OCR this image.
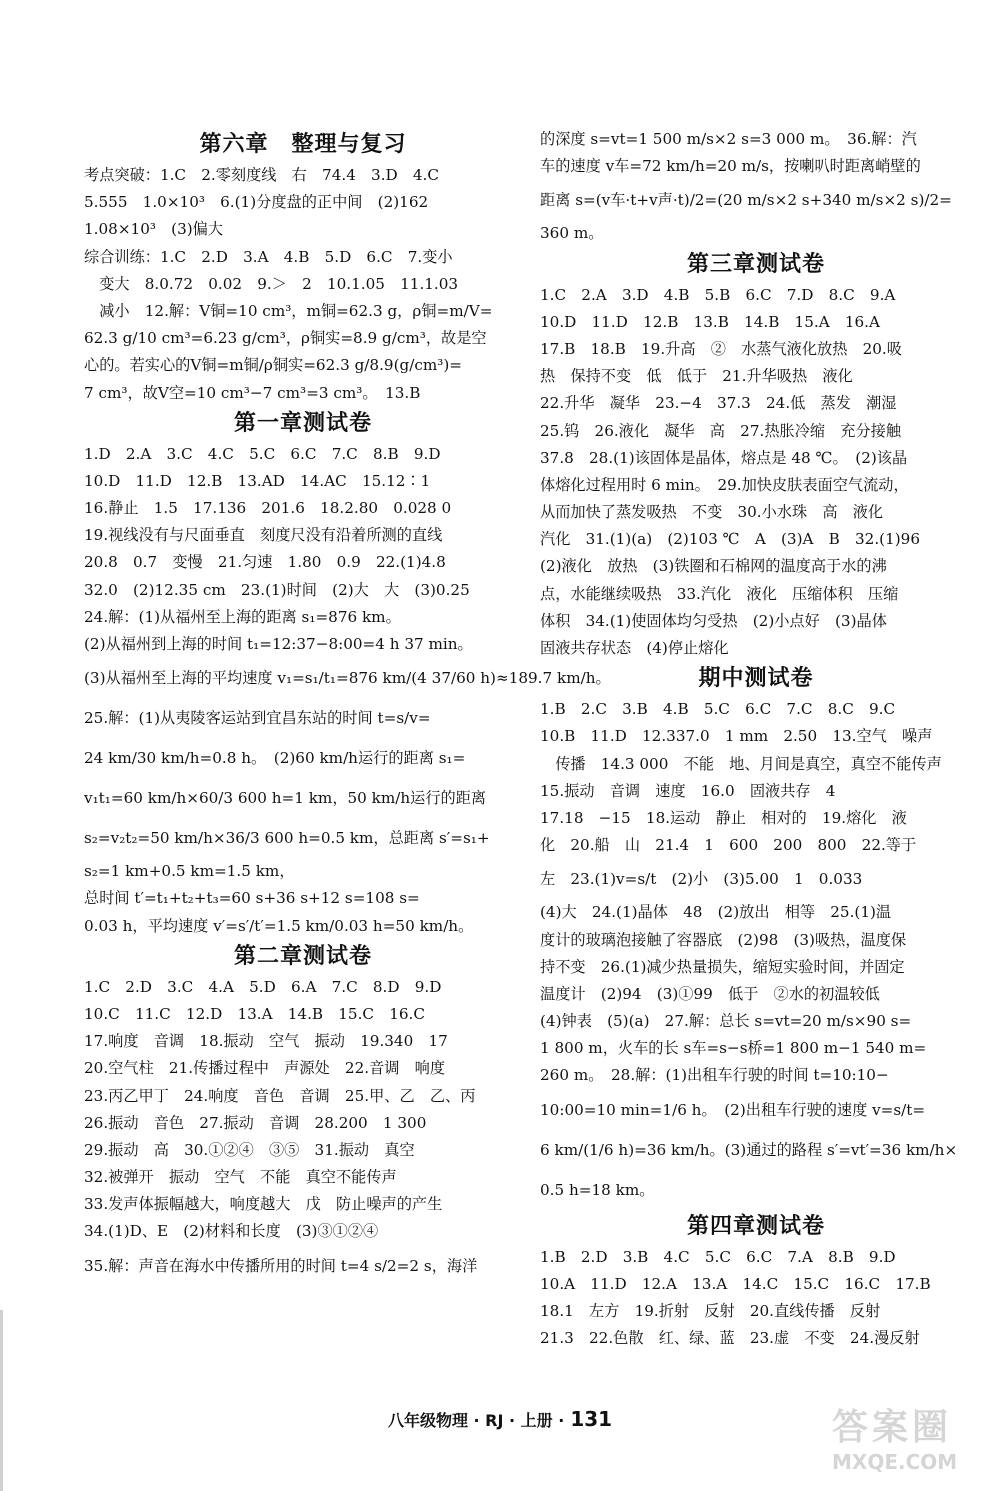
第六章　整理与复习
考点突破：1.C　2.零刻度线　右　74.4　3.D　4.C
5.555　1.0×10³　6.(1)分度盘的正中间　(2)162
1.08×10³　(3)偏大
综合训练：1.C　2.D　3.A　4.B　5.D　6.C　7.变小
　变大　8.0.72　0.02　9.＞　2　10.1.05　11.1.03
　减小　12.解：V铜=10 cm³，m铜=62.3 g，ρ铜=m/V=
62.3 g/10 cm³=6.23 g/cm³，ρ铜实=8.9 g/cm³，故是空
心的。若实心的V铜=m铜/ρ铜实=62.3 g/8.9(g/cm³)=
7 cm³，故V空=10 cm³−7 cm³=3 cm³。　13.B
第一章测试卷
1.D　2.A　3.C　4.C　5.C　6.C　7.C　8.B　9.D
10.D　11.D　12.B　13.AD　14.AC　15.12∶1
16.静止　1.5　17.136　201.6　18.2.80　0.028 0
19.视线没有与尺面垂直　刻度尺没有沿着所测的直线
20.8　0.7　变慢　21.匀速　1.80　0.9　22.(1)4.8
32.0　(2)12.35 cm　23.(1)时间　(2)大　大　(3)0.25
24.解：(1)从福州至上海的距离 s₁=876 km。
(2)从福州到上海的时间 t₁=12:37−8:00=4 h 37 min。
(3)从福州至上海的平均速度 v₁=s₁/t₁=876 km/(4 37/60 h)≈189.7 km/h。
25.解：(1)从夷陵客运站到宜昌东站的时间 t=s/v=
24 km/30 km/h=0.8 h。　(2)60 km/h运行的距离 s₁=
v₁t₁=60 km/h×60/3 600 h=1 km，50 km/h运行的距离
s₂=v₂t₂=50 km/h×36/3 600 h=0.5 km，总距离 s′=s₁+
s₂=1 km+0.5 km=1.5 km，
总时间 t′=t₁+t₂+t₃=60 s+36 s+12 s=108 s=
0.03 h，平均速度 v′=s′/t′=1.5 km/0.03 h=50 km/h。
第二章测试卷
1.C　2.D　3.C　4.A　5.D　6.A　7.C　8.D　9.D
10.C　11.C　12.D　13.A　14.B　15.C　16.C
17.响度　音调　18.振动　空气　振动　19.340　17
20.空气柱　21.传播过程中　声源处　22.音调　响度
23.丙乙甲丁　24.响度　音色　音调　25.甲、乙　乙、丙
26.振动　音色　27.振动　音调　28.200　1 300
29.振动　高　30.①②④　③⑤　31.振动　真空
32.被弹开　振动　空气　不能　真空不能传声
33.发声体振幅越大，响度越大　戊　防止噪声的产生
34.(1)D、E　(2)材料和长度　(3)③①②④
35.解：声音在海水中传播所用的时间 t=4 s/2=2 s，海洋
的深度 s=vt=1 500 m/s×2 s=3 000 m。　36.解：汽
车的速度 v车=72 km/h=20 m/s，按喇叭时距离峭壁的
距离 s=(v车·t+v声·t)/2=(20 m/s×2 s+340 m/s×2 s)/2=
360 m。
第三章测试卷
1.C　2.A　3.D　4.B　5.B　6.C　7.D　8.C　9.A
10.D　11.D　12.B　13.B　14.B　15.A　16.A
17.B　18.B　19.升高　②　水蒸气液化放热　20.吸
热　保持不变　低　低于　21.升华吸热　液化
22.升华　凝华　23.−4　37.3　24.低　蒸发　潮湿
25.钨　26.液化　凝华　高　27.热胀冷缩　充分接触
37.8　28.(1)该固体是晶体，熔点是 48 ℃。　(2)该晶
体熔化过程用时 6 min。　29.加快皮肤表面空气流动，
从而加快了蒸发吸热　不变　30.小水珠　高　液化
汽化　31.(1)(a)　(2)103 ℃　A　(3)A　B　32.(1)96
(2)液化　放热　(3)铁圈和石棉网的温度高于水的沸
点，水能继续吸热　33.汽化　液化　压缩体积　压缩
体积　34.(1)使固体均匀受热　(2)小点好　(3)晶体
固液共存状态　(4)停止熔化
期中测试卷
1.B　2.C　3.B　4.B　5.C　6.C　7.C　8.C　9.C
10.B　11.D　12.337.0　1 mm　2.50　13.空气　噪声
　传播　14.3 000　不能　地、月间是真空，真空不能传声
15.振动　音调　速度　16.0　固液共存　4
17.18　−15　18.运动　静止　相对的　19.熔化　液
化　20.船　山　21.4　1　600　200　800　22.等于
左　23.(1)v=s/t　(2)小　(3)5.00　1　0.033
(4)大　24.(1)晶体　48　(2)放出　相等　25.(1)温
度计的玻璃泡接触了容器底　(2)98　(3)吸热，温度保
持不变　26.(1)减少热量损失，缩短实验时间，并固定
温度计　(2)94　(3)①99　低于　②水的初温较低
(4)钟表　(5)(a)　27.解：总长 s=vt=20 m/s×90 s=
1 800 m，火车的长 s车=s−s桥=1 800 m−1 540 m=
260 m。　28.解：(1)出租车行驶的时间 t=10:10−
10:00=10 min=1/6 h。　(2)出租车行驶的速度 v=s/t=
6 km/(1/6 h)=36 km/h。(3)通过的路程 s′=vt′=36 km/h×
0.5 h=18 km。
第四章测试卷
1.B　2.D　3.B　4.C　5.C　6.C　7.A　8.B　9.D
10.A　11.D　12.A　13.A　14.C　15.C　16.C　17.B
18.1　左方　19.折射　反射　20.直线传播　反射
21.3　22.色散　红、绿、蓝　23.虚　不变　24.漫反射
八年级物理 · RJ · 上册 · 131	答案圈
MXQE.COM
